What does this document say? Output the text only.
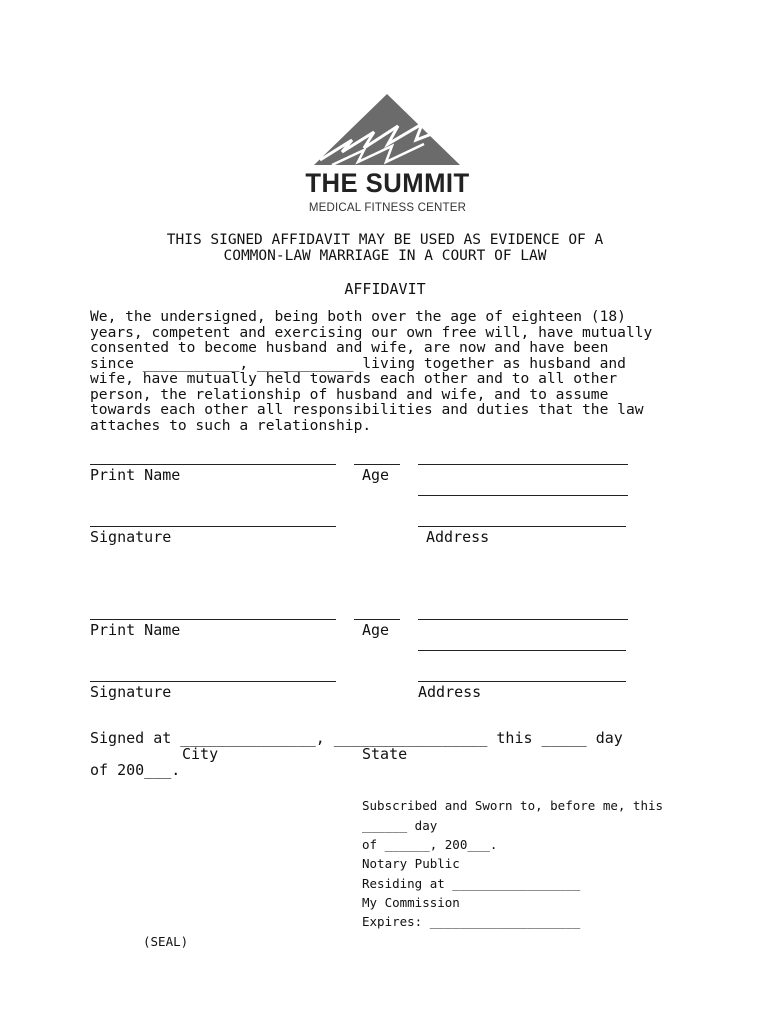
THE SUMMIT
MEDICAL FITNESS CENTER
THIS SIGNED AFFIDAVIT MAY BE USED AS EVIDENCE OF A
COMMON-LAW MARRIAGE IN A COURT OF LAW
AFFIDAVIT
We, the undersigned, being both over the age of eighteen (18)
years, competent and exercising our own free will, have mutually
consented to become husband and wife, are now and have been
since ___________, ___________ living together as husband and
wife, have mutually held towards each other and to all other
person, the relationship of husband and wife, and to assume
towards each other all responsibilities and duties that the law
attaches to such a relationship.
Print Name	Age
Signature	Address
Print Name	Age
Signature	Address
Signed at _______________, _________________ this _____ day
City	State
of 200___.
Subscribed and Sworn to, before me, this
______ day
of ______, 200___.
Notary Public
Residing at _________________
My Commission
Expires: ____________________
(SEAL)
